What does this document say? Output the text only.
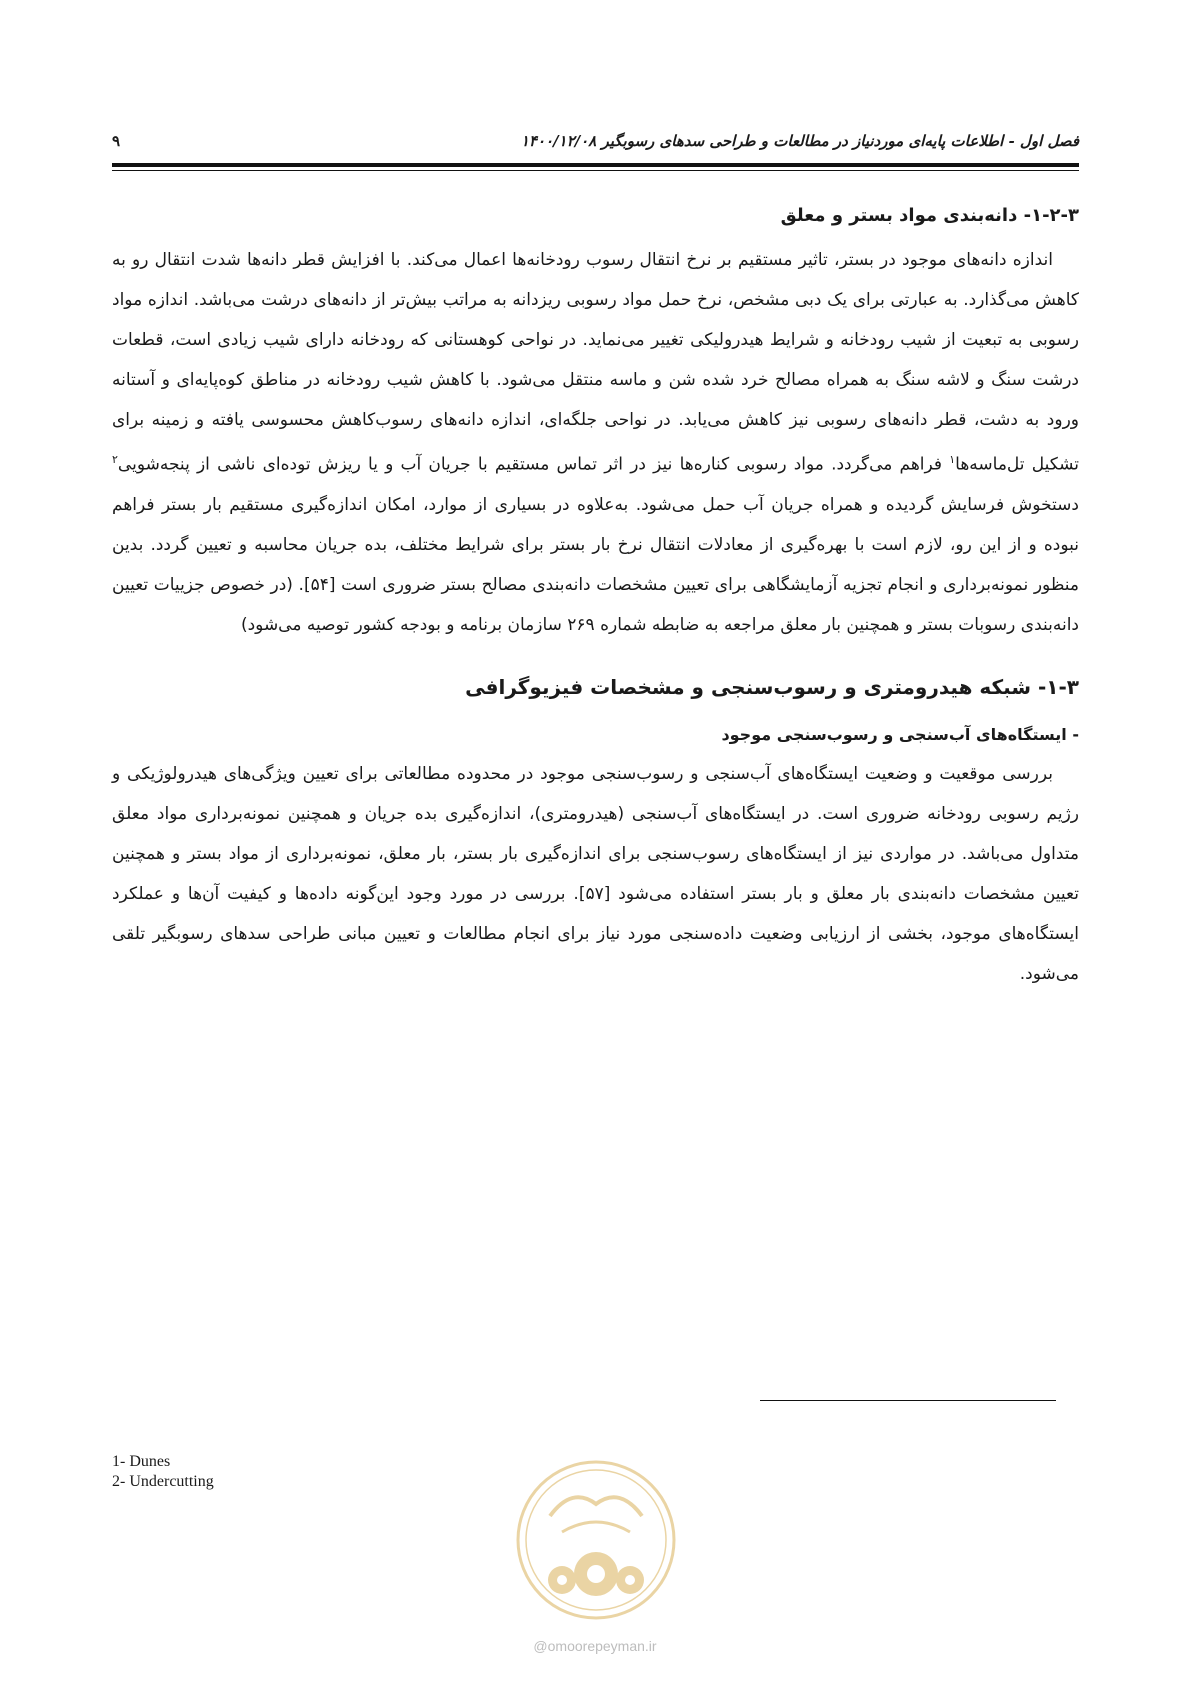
فصل اول - اطلاعات پایه‌ای موردنیاز در مطالعات و طراحی سدهای رسوبگیر ۱۴۰۰/۱۲/۰۸
۹
۱-۲-۳- دانه‌بندی مواد بستر و معلق

اندازه دانه‌های موجود در بستر، تاثیر مستقیم بر نرخ انتقال رسوب رودخانه‌ها اعمال می‌کند. با افزایش قطر دانه‌ها شدت انتقال رو به کاهش می‌گذارد. به عبارتی برای یک دبی مشخص، نرخ حمل مواد رسوبی ریزدانه به مراتب بیش‌تر از دانه‌های درشت می‌باشد. اندازه مواد رسوبی به تبعیت از شیب رودخانه و شرایط هیدرولیکی تغییر می‌نماید. در نواحی کوهستانی که رودخانه دارای شیب زیادی است، قطعات درشت سنگ و لاشه سنگ به همراه مصالح خرد شده شن و ماسه منتقل می‌شود. با کاهش شیب رودخانه در مناطق کوه‌پایه‌ای و آستانه ورود به دشت، قطر دانه‌های رسوبی نیز کاهش می‌یابد. در نواحی جلگه‌ای، اندازه دانه‌های رسوب‌کاهش محسوسی یافته و زمینه برای تشکیل تل‌ماسه‌ها$^۱$ فراهم می‌گردد. مواد رسوبی کناره‌ها نیز در اثر تماس مستقیم با جریان آب و یا ریزش توده‌ای ناشی از پنجه‌شویی$^۲$ دستخوش فرسایش گردیده و همراه جریان آب حمل می‌شود. به‌علاوه در بسیاری از موارد، امکان اندازه‌گیری مستقیم بار بستر فراهم نبوده و از این رو، لازم است با بهره‌گیری از معادلات انتقال نرخ بار بستر برای شرایط مختلف، بده جریان محاسبه و تعیین گردد. بدین منظور نمونه‌برداری و انجام تجزیه آزمایشگاهی برای تعیین مشخصات دانه‌بندی مصالح بستر ضروری است [۵۴]. (در خصوص جزییات تعیین دانه‌بندی رسوبات بستر و همچنین بار معلق مراجعه به ضابطه شماره ۲۶۹ سازمان برنامه و بودجه کشور توصیه می‌شود)

۱-۳- شبکه هیدرومتری و رسوب‌سنجی و مشخصات فیزیوگرافی
- ایستگاه‌های آب‌سنجی و رسوب‌سنجی موجود

بررسی موقعیت و وضعیت ایستگاه‌های آب‌سنجی و رسوب‌سنجی موجود در محدوده مطالعاتی برای تعیین ویژگی‌های هیدرولوژیکی و رژیم رسوبی رودخانه ضروری است. در ایستگاه‌های آب‌سنجی (هیدرومتری)، اندازه‌گیری بده جریان و همچنین نمونه‌برداری مواد معلق متداول می‌باشد. در مواردی نیز از ایستگاه‌های رسوب‌سنجی برای اندازه‌گیری بار بستر، بار معلق، نمونه‌برداری از مواد بستر و همچنین تعیین مشخصات دانه‌بندی بار معلق و بار بستر استفاده می‌شود [۵۷]. بررسی در مورد وجود این‌گونه داده‌ها و کیفیت آن‌ها و عملکرد ایستگاه‌های موجود، بخشی از ارزیابی وضعیت داده‌سنجی مورد نیاز برای انجام مطالعات و تعیین مبانی طراحی سدهای رسوبگیر تلقی می‌شود.

1- Dunes
2- Undercutting
@omoorepeyman.ir
